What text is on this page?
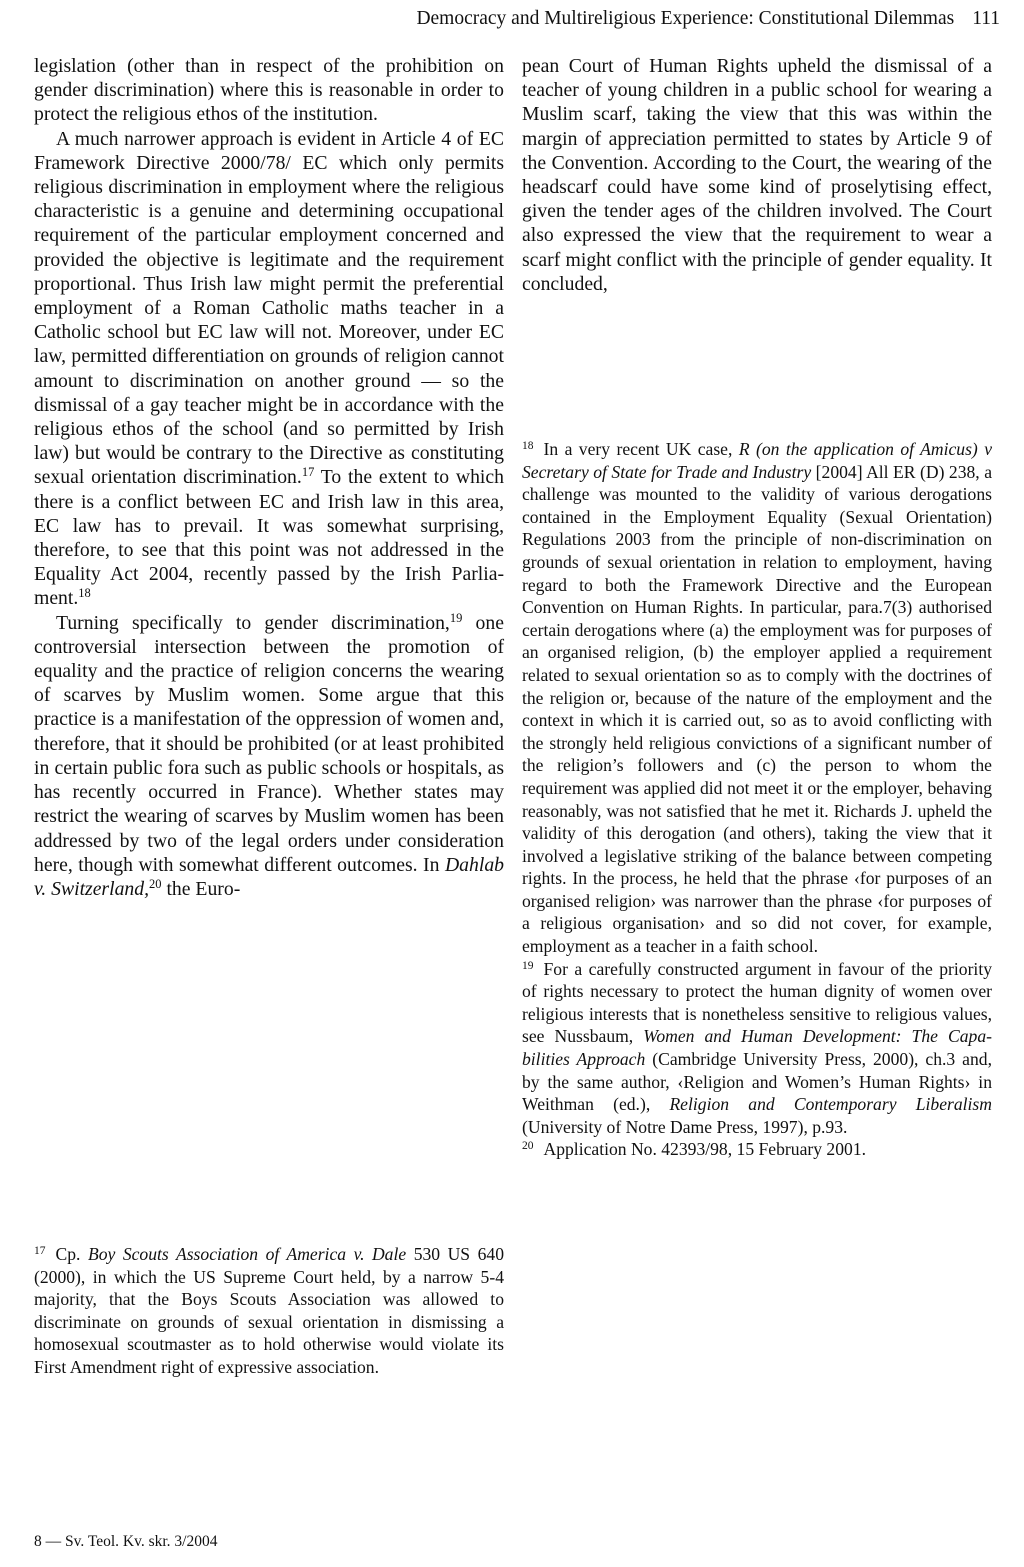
Democracy and Multireligious Experience: Constitutional Dilemmas 111

legislation (other than in respect of the prohibition on gender discrimination) where this is reasonable in order to protect the religious ethos of the institution.

A much narrower approach is evident in Article 4 of EC Framework Directive 2000/78/ EC which only permits religious discrimination in employment where the religious characteristic is a genuine and determining occupational requirement of the particular employment concerned and provided the objective is legitimate and the requirement proportional. Thus Irish law might permit the preferential employment of a Roman Catholic maths teacher in a Catholic school but EC law will not. Moreover, under EC law, permitted differentiation on grounds of religion cannot amount to discrimination on another ground — so the dismissal of a gay teacher might be in accordance with the religious ethos of the school (and so permitted by Irish law) but would be contrary to the Directive as constituting sexual orientation discrimination.$^{17}$ To the extent to which there is a conflict between EC and Irish law in this area, EC law has to prevail. It was somewhat surprising, therefore, to see that this point was not addressed in the Equality Act 2004, recently passed by the Irish Parliament.$^{18}$

Turning specifically to gender discrimination,$^{19}$ one controversial intersection between the promotion of equality and the practice of religion concerns the wearing of scarves by Muslim women. Some argue that this practice is a manifestation of the oppression of women and, therefore, that it should be prohibited (or at least prohibited in certain public fora such as public schools or hospitals, as has recently occurred in France). Whether states may restrict the wearing of scarves by Muslim women has been addressed by two of the legal orders under consideration here, though with somewhat different outcomes. In Dahlab v. Switzerland,$^{20}$ the Euro-

$^{17}$ Cp. Boy Scouts Association of America v. Dale 530 US 640 (2000), in which the US Supreme Court held, by a narrow 5-4 majority, that the Boys Scouts Association was allowed to discriminate on grounds of sexual orientation in dismissing a homosexual scoutmaster as to hold otherwise would violate its First Amendment right of expressive association.

pean Court of Human Rights upheld the dismissal of a teacher of young children in a public school for wearing a Muslim scarf, taking the view that this was within the margin of appreciation permitted to states by Article 9 of the Convention. According to the Court, the wearing of the headscarf could have some kind of proselytising effect, given the tender ages of the children involved. The Court also expressed the view that the requirement to wear a scarf might conflict with the principle of gender equality. It concluded,

$^{18}$ In a very recent UK case, R (on the application of Amicus) v Secretary of State for Trade and Industry [2004] All ER (D) 238, a challenge was mounted to the validity of various derogations contained in the Employment Equality (Sexual Orientation) Regulations 2003 from the principle of non-discrimination on grounds of sexual orientation in relation to employment, having regard to both the Framework Directive and the European Convention on Human Rights. In particular, para.7(3) authorised certain derogations where (a) the employment was for purposes of an organised religion, (b) the employer applied a requirement related to sexual orientation so as to comply with the doctrines of the religion or, because of the nature of the employment and the context in which it is carried out, so as to avoid conflicting with the strongly held religious convictions of a significant number of the religion’s followers and (c) the person to whom the requirement was applied did not meet it or the employer, behaving reasonably, was not satisfied that he met it. Richards J. upheld the validity of this derogation (and others), taking the view that it involved a legislative striking of the balance between competing rights. In the process, he held that the phrase ‹for purposes of an organised religion› was narrower than the phrase ‹for purposes of a religious organisation› and so did not cover, for example, employment as a teacher in a faith school.

$^{19}$ For a carefully constructed argument in favour of the priority of rights necessary to protect the human dignity of women over religious interests that is nonetheless sensitive to religious values, see Nussbaum, Women and Human Development: The Capabilities Approach (Cambridge University Press, 2000), ch.3 and, by the same author, ‹Religion and Women’s Human Rights› in Weithman (ed.), Religion and Contemporary Liberalism (University of Notre Dame Press, 1997), p.93.

$^{20}$ Application No. 42393/98, 15 February 2001.

8 — Sv. Teol. Kv. skr. 3/2004
